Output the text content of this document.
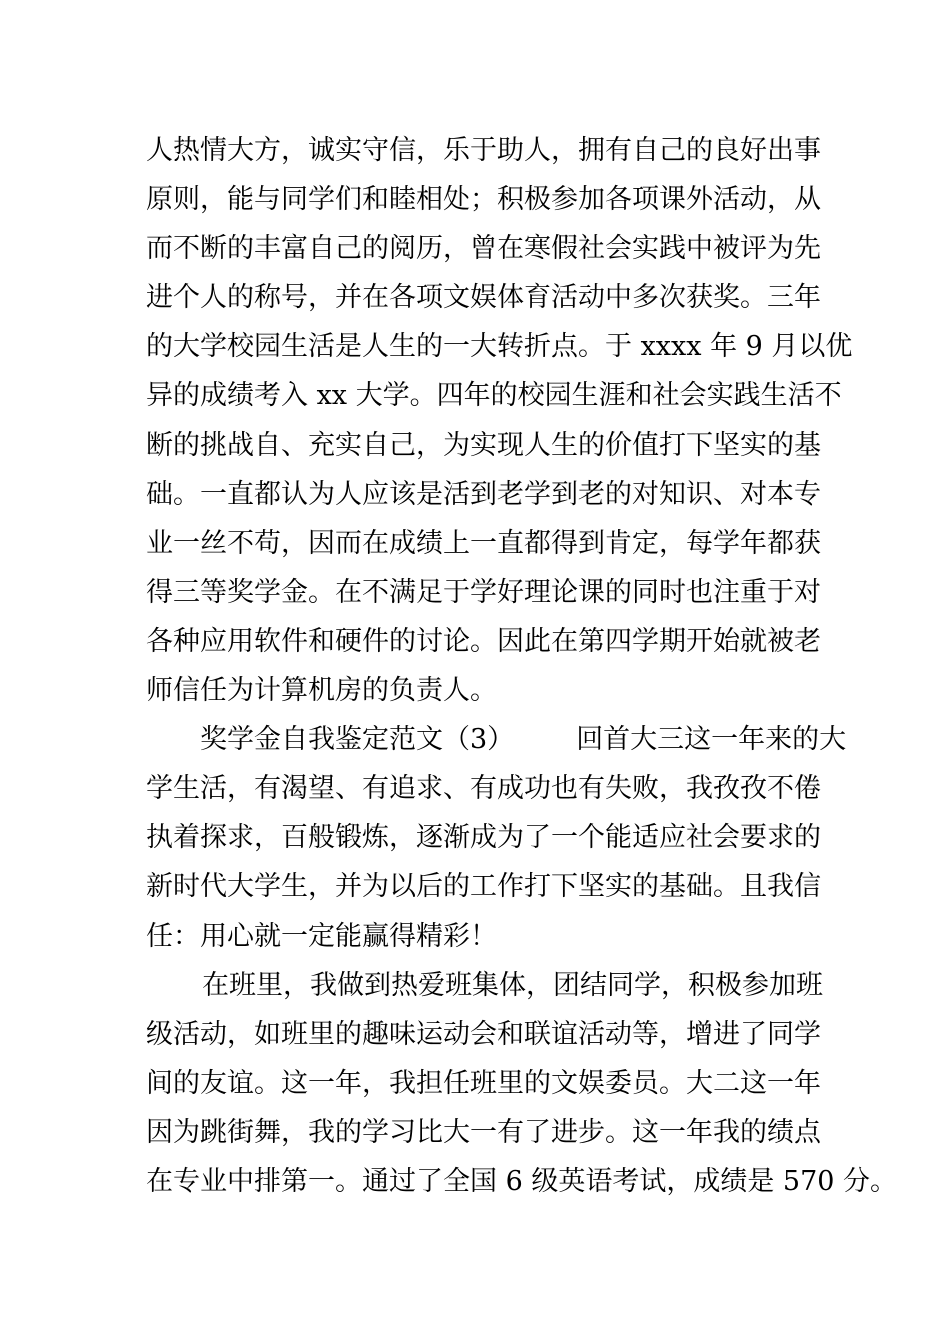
人热情大方，诚实守信，乐于助人，拥有自己的良好出事
原则，能与同学们和睦相处；积极参加各项课外活动，从
而不断的丰富自己的阅历，曾在寒假社会实践中被评为先
进个人的称号，并在各项文娱体育活动中多次获奖。三年
的大学校园生活是人生的一大转折点。于 xxxx 年 9 月以优
异的成绩考入 xx 大学。四年的校园生涯和社会实践生活不
断的挑战自、充实自己，为实现人生的价值打下坚实的基
础。一直都认为人应该是活到老学到老的对知识、对本专
业一丝不苟，因而在成绩上一直都得到肯定，每学年都获
得三等奖学金。在不满足于学好理论课的同时也注重于对
各种应用软件和硬件的讨论。因此在第四学期开始就被老
师信任为计算机房的负责人。
奖学金自我鉴定范文（3） 回首大三这一年来的大
学生活，有渴望、有追求、有成功也有失败，我孜孜不倦
执着探求，百般锻炼，逐渐成为了一个能适应社会要求的
新时代大学生，并为以后的工作打下坚实的基础。且我信
任：用心就一定能赢得精彩！
在班里，我做到热爱班集体，团结同学，积极参加班
级活动，如班里的趣味运动会和联谊活动等，增进了同学
间的友谊。这一年，我担任班里的文娱委员。大二这一年
因为跳街舞，我的学习比大一有了进步。这一年我的绩点
在专业中排第一。通过了全国 6 级英语考试，成绩是 570 分。
